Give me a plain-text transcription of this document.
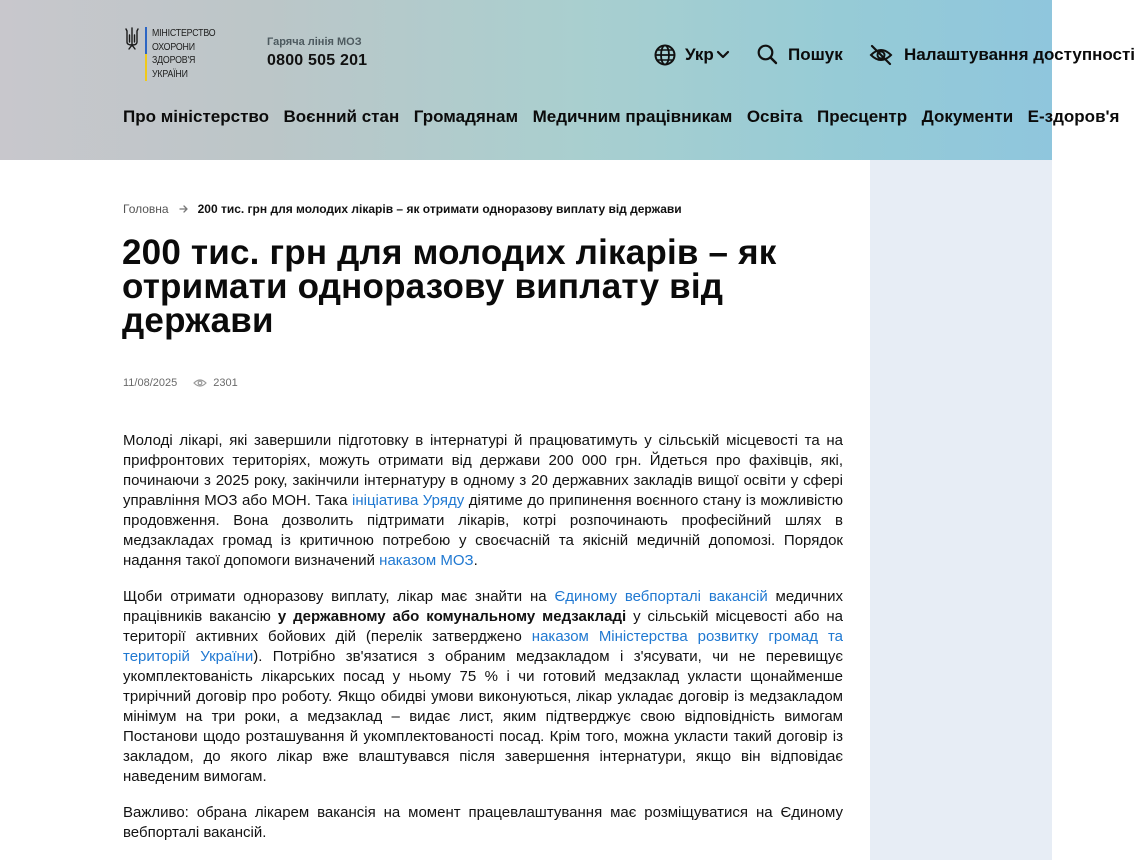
МІНІСТЕРСТВО
ОХОРОНИ
ЗДОРОВ'Я
УКРАЇНИ
Гаряча лінія МОЗ
0800 505 201	Укр	Пошук	Налаштування доступності
Про міністерство Воєнний стан Громадянам Медичним працівникам Освіта Пресцентр Документи Е-здоров'я
Головна 200 тис. грн для молодих лікарів – як отримати одноразову виплату від держави
200 тис. грн для молодих лікарів – як отримати одноразову виплату від держави
11/08/2025	2301

Молоді лікарі, які завершили підготовку в інтернатурі й працюватимуть у сільській місцевості та на прифронтових територіях, можуть отримати від держави 200 000 грн. Йдеться про фахівців, які, починаючи з 2025 року, закінчили інтернатуру в одному з 20 державних закладів вищої освіти у сфері управління МОЗ або МОН. Така ініціатива Уряду діятиме до припинення воєнного стану із можливістю продовження. Вона дозволить підтримати лікарів, котрі розпочинають професійний шлях в медзакладах громад із критичною потребою у своєчасній та якісній медичній допомозі. Порядок надання такої допомоги визначений наказом МОЗ.

Щоби отримати одноразову виплату, лікар має знайти на Єдиному вебпорталі вакансій медичних працівників вакансію у державному або комунальному медзакладі у сільській місцевості або на території активних бойових дій (перелік затверджено наказом Міністерства розвитку громад та територій України). Потрібно зв'язатися з обраним медзакладом і з'ясувати, чи не перевищує укомплектованість лікарських посад у ньому 75 % і чи готовий медзаклад укласти щонайменше трирічний договір про роботу. Якщо обидві умови виконуються, лікар укладає договір із медзакладом мінімум на три роки, а медзаклад – видає лист, яким підтверджує свою відповідність вимогам Постанови щодо розташування й укомплектованості посад. Крім того, можна укласти такий договір із закладом, до якого лікар вже влаштувався після завершення інтернатури, якщо він відповідає наведеним вимогам.

Важливо: обрана лікарем вакансія на момент працевлаштування має розміщуватися на Єдиному вебпорталі вакансій.
